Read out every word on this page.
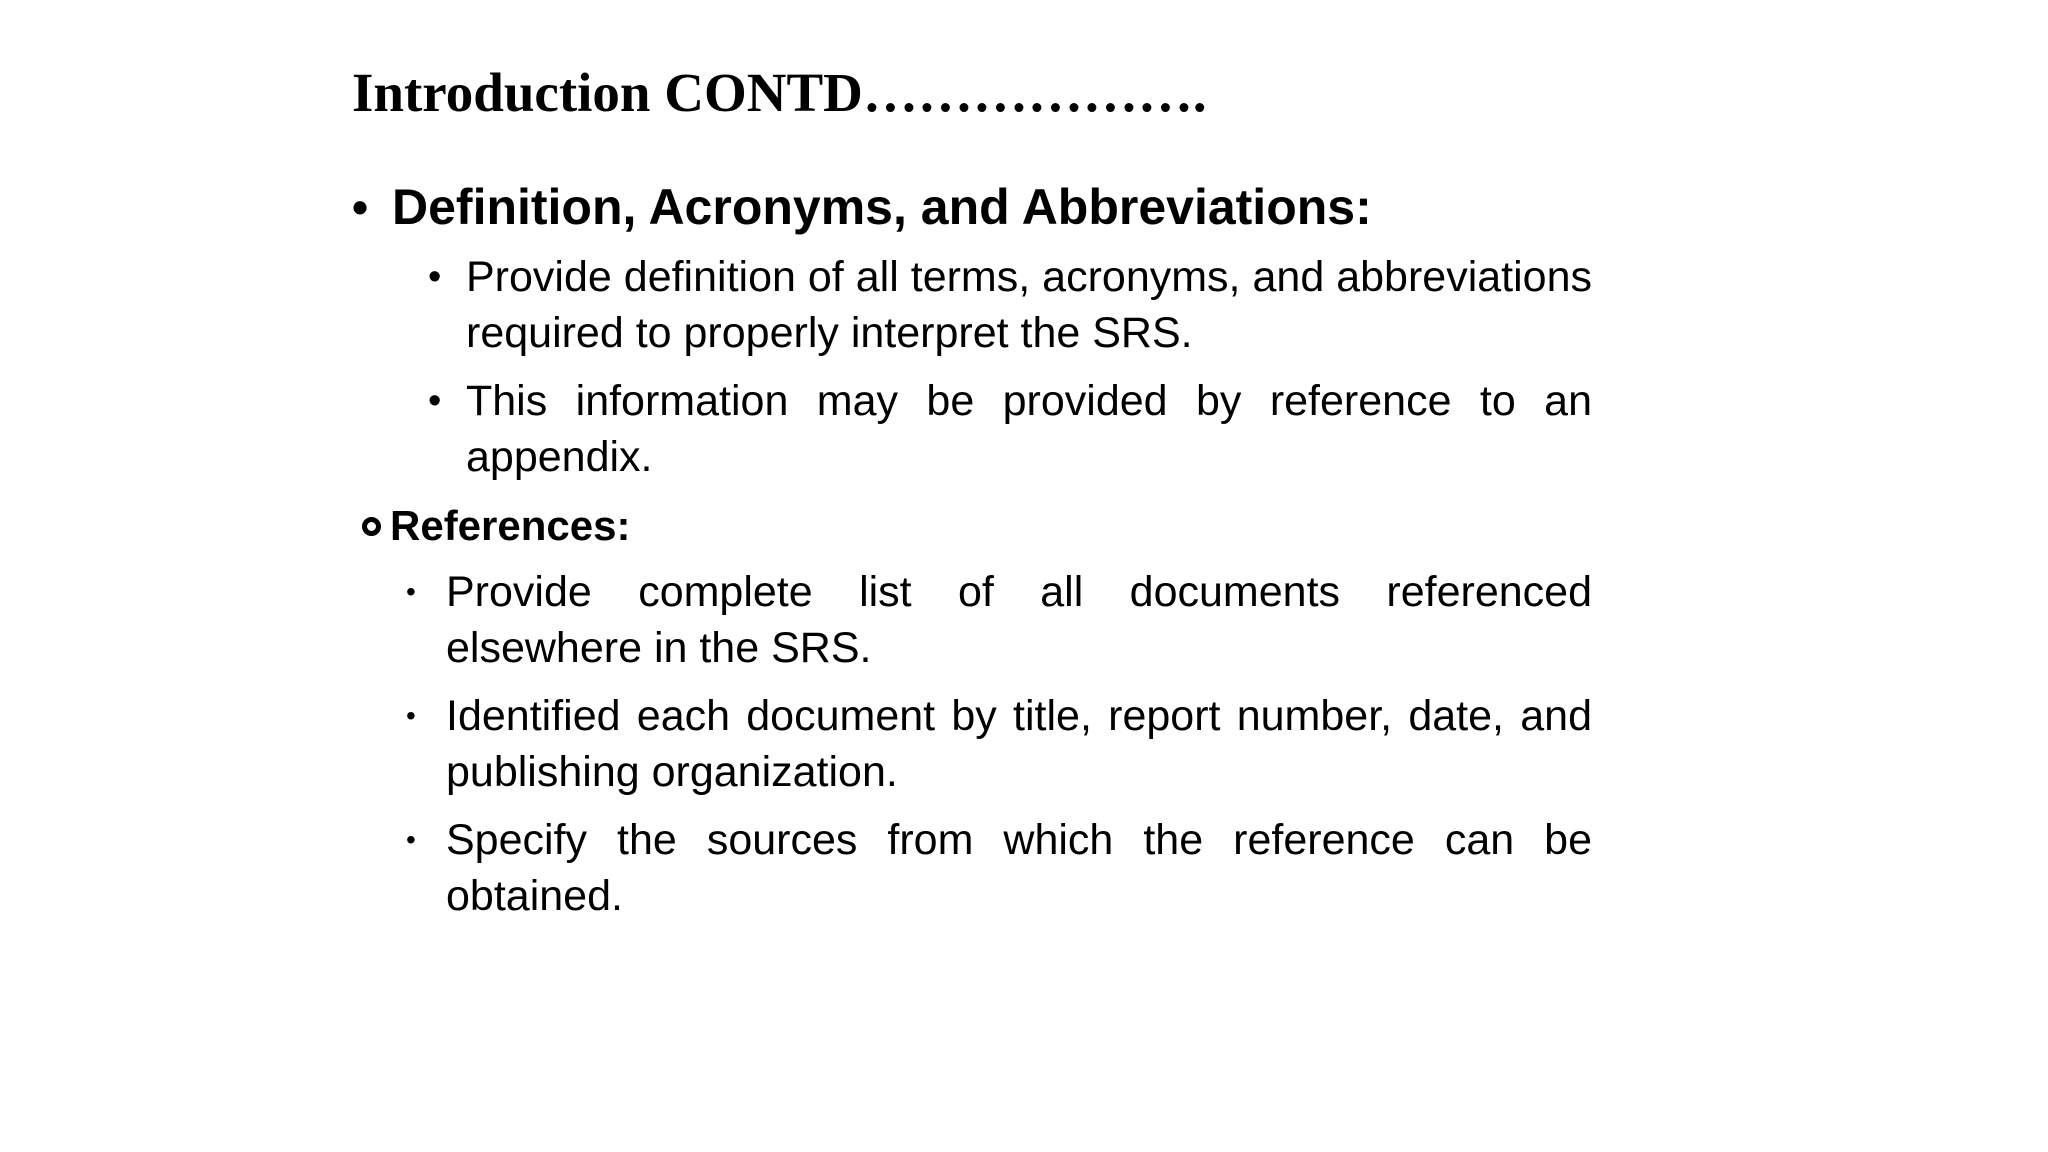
Introduction CONTD……………….
• Definition, Acronyms, and Abbreviations:
• Provide definition of all terms, acronyms, and abbreviations required to properly interpret the SRS.
• This information may be provided by reference to an appendix.
References:
• Provide complete list of all documents referenced elsewhere in the SRS.
• Identified each document by title, report number, date, and publishing organization.
• Specify the sources from which the reference can be obtained.
